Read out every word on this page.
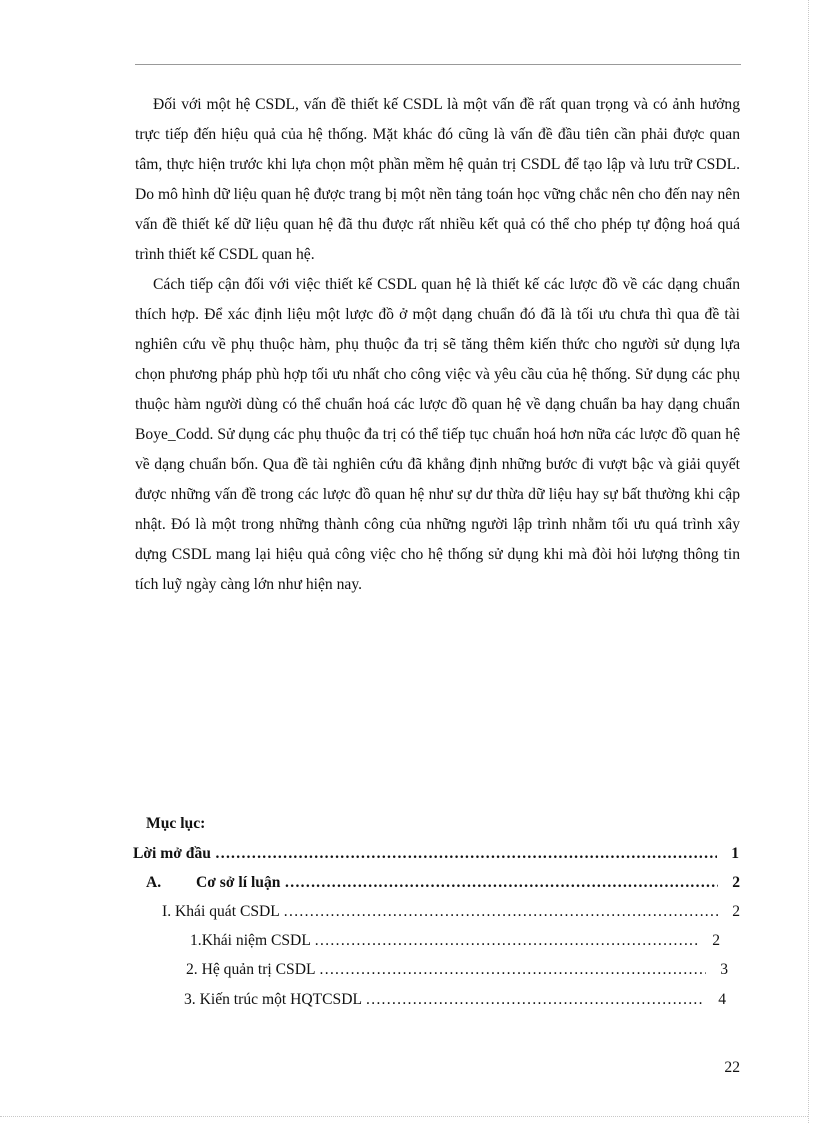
Đối với một hệ CSDL, vấn đề thiết kế CSDL là một vấn đề rất quan trọng và có ảnh hưởng trực tiếp đến hiệu quả của hệ thống. Mặt khác đó cũng là vấn đề đầu tiên cần phải được quan tâm, thực hiện trước khi lựa chọn một phần mềm hệ quản trị CSDL để tạo lập và lưu trữ CSDL. Do mô hình dữ liệu quan hệ được trang bị một nền tảng toán học vững chắc nên cho đến nay nên vấn đề thiết kế dữ liệu quan hệ đã thu được rất nhiều kết quả có thể cho phép tự động hoá quá trình thiết kế CSDL quan hệ.

Cách tiếp cận đối với việc thiết kế CSDL quan hệ là thiết kế các lược đồ về các dạng chuẩn thích hợp. Để xác định liệu một lược đồ ở một dạng chuẩn đó đã là tối ưu chưa thì qua đề tài nghiên cứu về phụ thuộc hàm, phụ thuộc đa trị sẽ tăng thêm kiến thức cho người sử dụng lựa chọn phương pháp phù hợp tối ưu nhất cho công việc và yêu cầu của hệ thống. Sử dụng các phụ thuộc hàm người dùng có thể chuẩn hoá các lược đồ quan hệ về dạng chuẩn ba hay dạng chuẩn Boye_Codd. Sử dụng các phụ thuộc đa trị có thể tiếp tục chuẩn hoá hơn nữa các lược đồ quan hệ về dạng chuẩn bốn. Qua đề tài nghiên cứu đã khẳng định những bước đi vượt bậc và giải quyết được những vấn đề trong các lược đồ quan hệ như sự dư thừa dữ liệu hay sự bất thường khi cập nhật. Đó là một trong những thành công của những người lập trình nhằm tối ưu quá trình xây dựng CSDL mang lại hiệu quả công việc cho hệ thống sử dụng khi mà đòi hỏi lượng thông tin tích luỹ ngày càng lớn như hiện nay.

Mục lục:
Lời mở đầu ……………………………………………………………………………………………………………	1
A. Cơ sở lí luận ……………………………………………………………………………………………………………	2
I. Khái quát CSDL ……………………………………………………………………………………………………………	2
1.Khái niệm CSDL ……………………………………………………………………………………………………………	2
2. Hệ quản trị CSDL ……………………………………………………………………………………………………………	3
3. Kiến trúc một HQTCSDL ……………………………………………………………………………………………………………	4
22
